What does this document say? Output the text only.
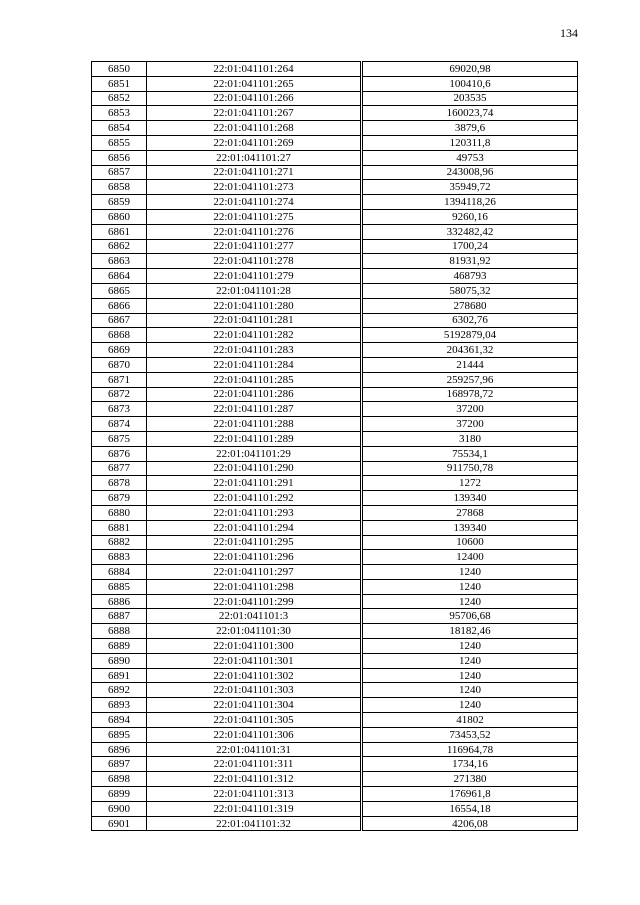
134
6850	22:01:041101:264	69020,98
6851	22:01:041101:265	100410,6
6852	22:01:041101:266	203535
6853	22:01:041101:267	160023,74
6854	22:01:041101:268	3879,6
6855	22:01:041101:269	120311,8
6856	22:01:041101:27	49753
6857	22:01:041101:271	243008,96
6858	22:01:041101:273	35949,72
6859	22:01:041101:274	1394118,26
6860	22:01:041101:275	9260,16
6861	22:01:041101:276	332482,42
6862	22:01:041101:277	1700,24
6863	22:01:041101:278	81931,92
6864	22:01:041101:279	468793
6865	22:01:041101:28	58075,32
6866	22:01:041101:280	278680
6867	22:01:041101:281	6302,76
6868	22:01:041101:282	5192879,04
6869	22:01:041101:283	204361,32
6870	22:01:041101:284	21444
6871	22:01:041101:285	259257,96
6872	22:01:041101:286	168978,72
6873	22:01:041101:287	37200
6874	22:01:041101:288	37200
6875	22:01:041101:289	3180
6876	22:01:041101:29	75534,1
6877	22:01:041101:290	911750,78
6878	22:01:041101:291	1272
6879	22:01:041101:292	139340
6880	22:01:041101:293	27868
6881	22:01:041101:294	139340
6882	22:01:041101:295	10600
6883	22:01:041101:296	12400
6884	22:01:041101:297	1240
6885	22:01:041101:298	1240
6886	22:01:041101:299	1240
6887	22:01:041101:3	95706,68
6888	22:01:041101:30	18182,46
6889	22:01:041101:300	1240
6890	22:01:041101:301	1240
6891	22:01:041101:302	1240
6892	22:01:041101:303	1240
6893	22:01:041101:304	1240
6894	22:01:041101:305	41802
6895	22:01:041101:306	73453,52
6896	22:01:041101:31	116964,78
6897	22:01:041101:311	1734,16
6898	22:01:041101:312	271380
6899	22:01:041101:313	176961,8
6900	22:01:041101:319	16554,18
6901	22:01:041101:32	4206,08
